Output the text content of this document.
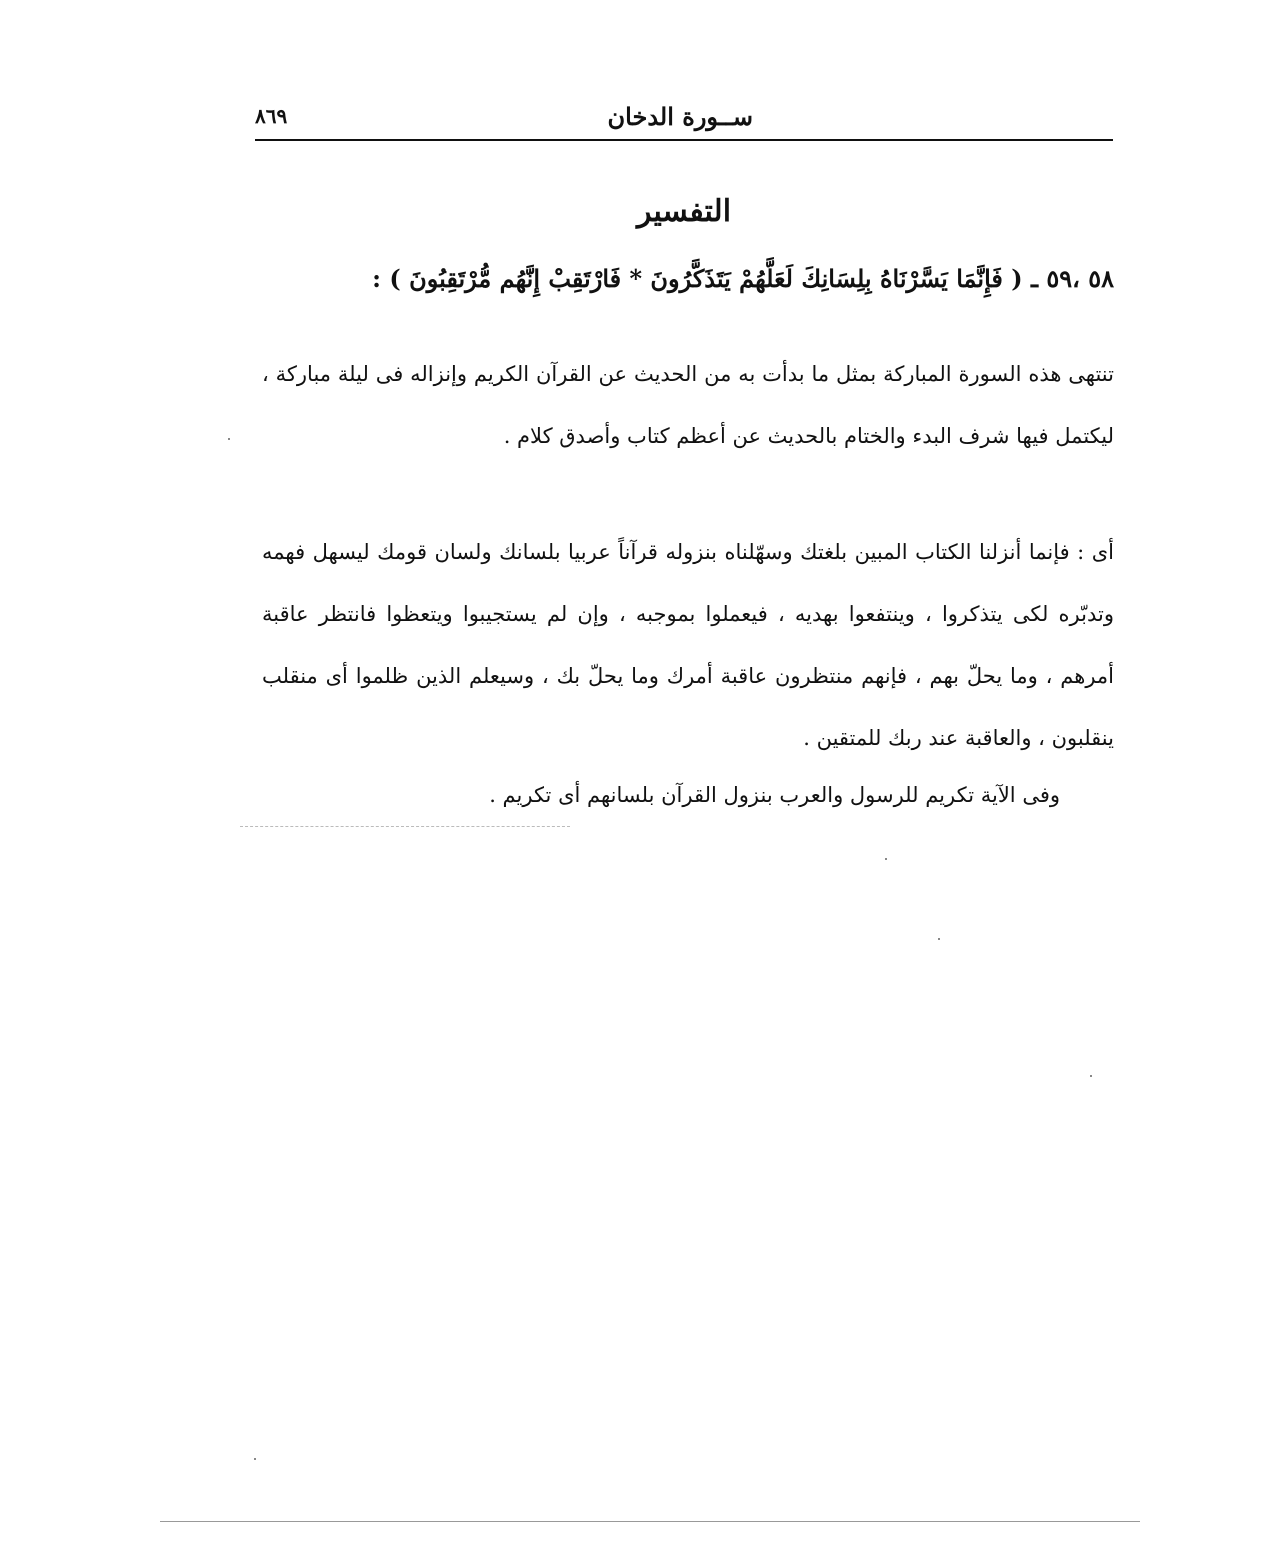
ســورة الدخان
٨٦٩
التفسير
٥٨ ،٥٩ ـ ( فَإِنَّمَا يَسَّرْنَاهُ بِلِسَانِكَ لَعَلَّهُمْ يَتَذَكَّرُونَ * فَارْتَقِبْ إِنَّهُم مُّرْتَقِبُونَ ) :

تنتهى هذه السورة المباركة بمثل ما بدأت به من الحديث عن القرآن الكريم وإنزاله فى ليلة مباركة ، ليكتمل فيها شرف البدء والختام بالحديث عن أعظم كتاب وأصدق كلام .

أى : فإنما أنزلنا الكتاب المبين بلغتك وسهّلناه بنزوله قرآناً عربيا بلسانك ولسان قومك ليسهل فهمه وتدبّره لكى يتذكروا ، وينتفعوا بهديه ، فيعملوا بموجبه ، وإن لم يستجيبوا ويتعظوا فانتظر عاقبة أمرهم ، وما يحلّ بهم ، فإنهم منتظرون عاقبة أمرك وما يحلّ بك ، وسيعلم الذين ظلموا أى منقلب ينقلبون ، والعاقبة عند ربك للمتقين .

وفى الآية تكريم للرسول والعرب بنزول القرآن بلسانهم أى تكريم .
